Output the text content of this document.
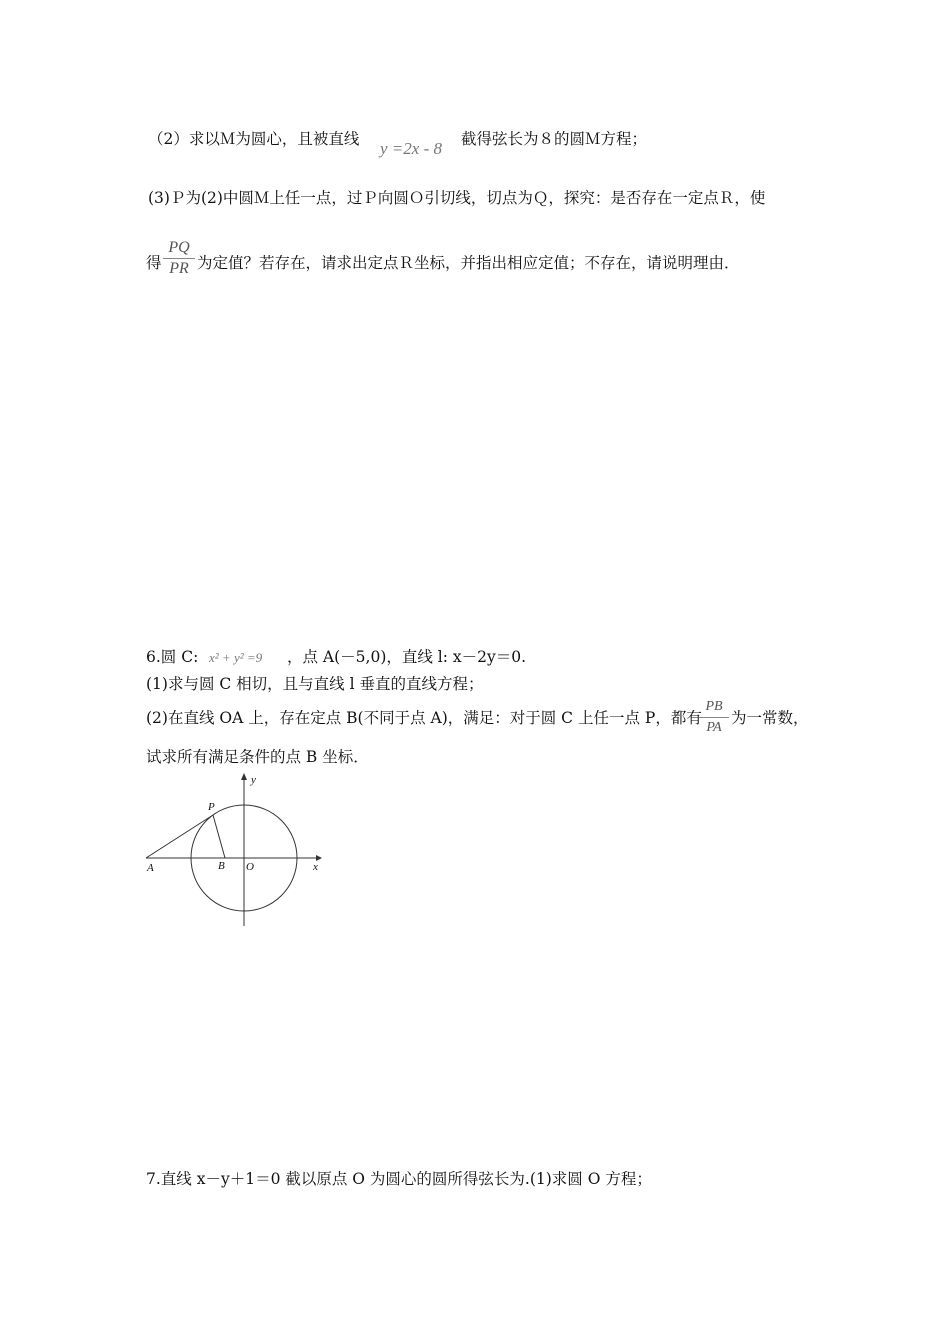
（2）求以Ｍ为圆心，且被直线 y =2x - 8 截得弦长为８的圆Ｍ方程；
(3)Ｐ为(2)中圆Ｍ上任一点，过Ｐ向圆Ｏ引切线，切点为Ｑ，探究：是否存在一定点Ｒ，使
得 $\frac{PQ}{PR}$ 为定值？若存在，请求出定点Ｒ坐标，并指出相应定值；不存在，请说明理由．
6.圆 C: x² + y² =9 ，点 A(－5,0)，直线 l: x－2y＝0.
(1)求与圆 C 相切，且与直线 l 垂直的直线方程；
(2)在直线 OA 上，存在定点 B(不同于点 A)，满足：对于圆 C 上任一点 P，都有
$\frac{PB}{PA}$ 为一常数，
试求所有满足条件的点 B 坐标．
y
x
P
A	B O
7.直线 x－y＋1＝0 截以原点 O 为圆心的圆所得弦长为.(1)求圆 O 方程；
